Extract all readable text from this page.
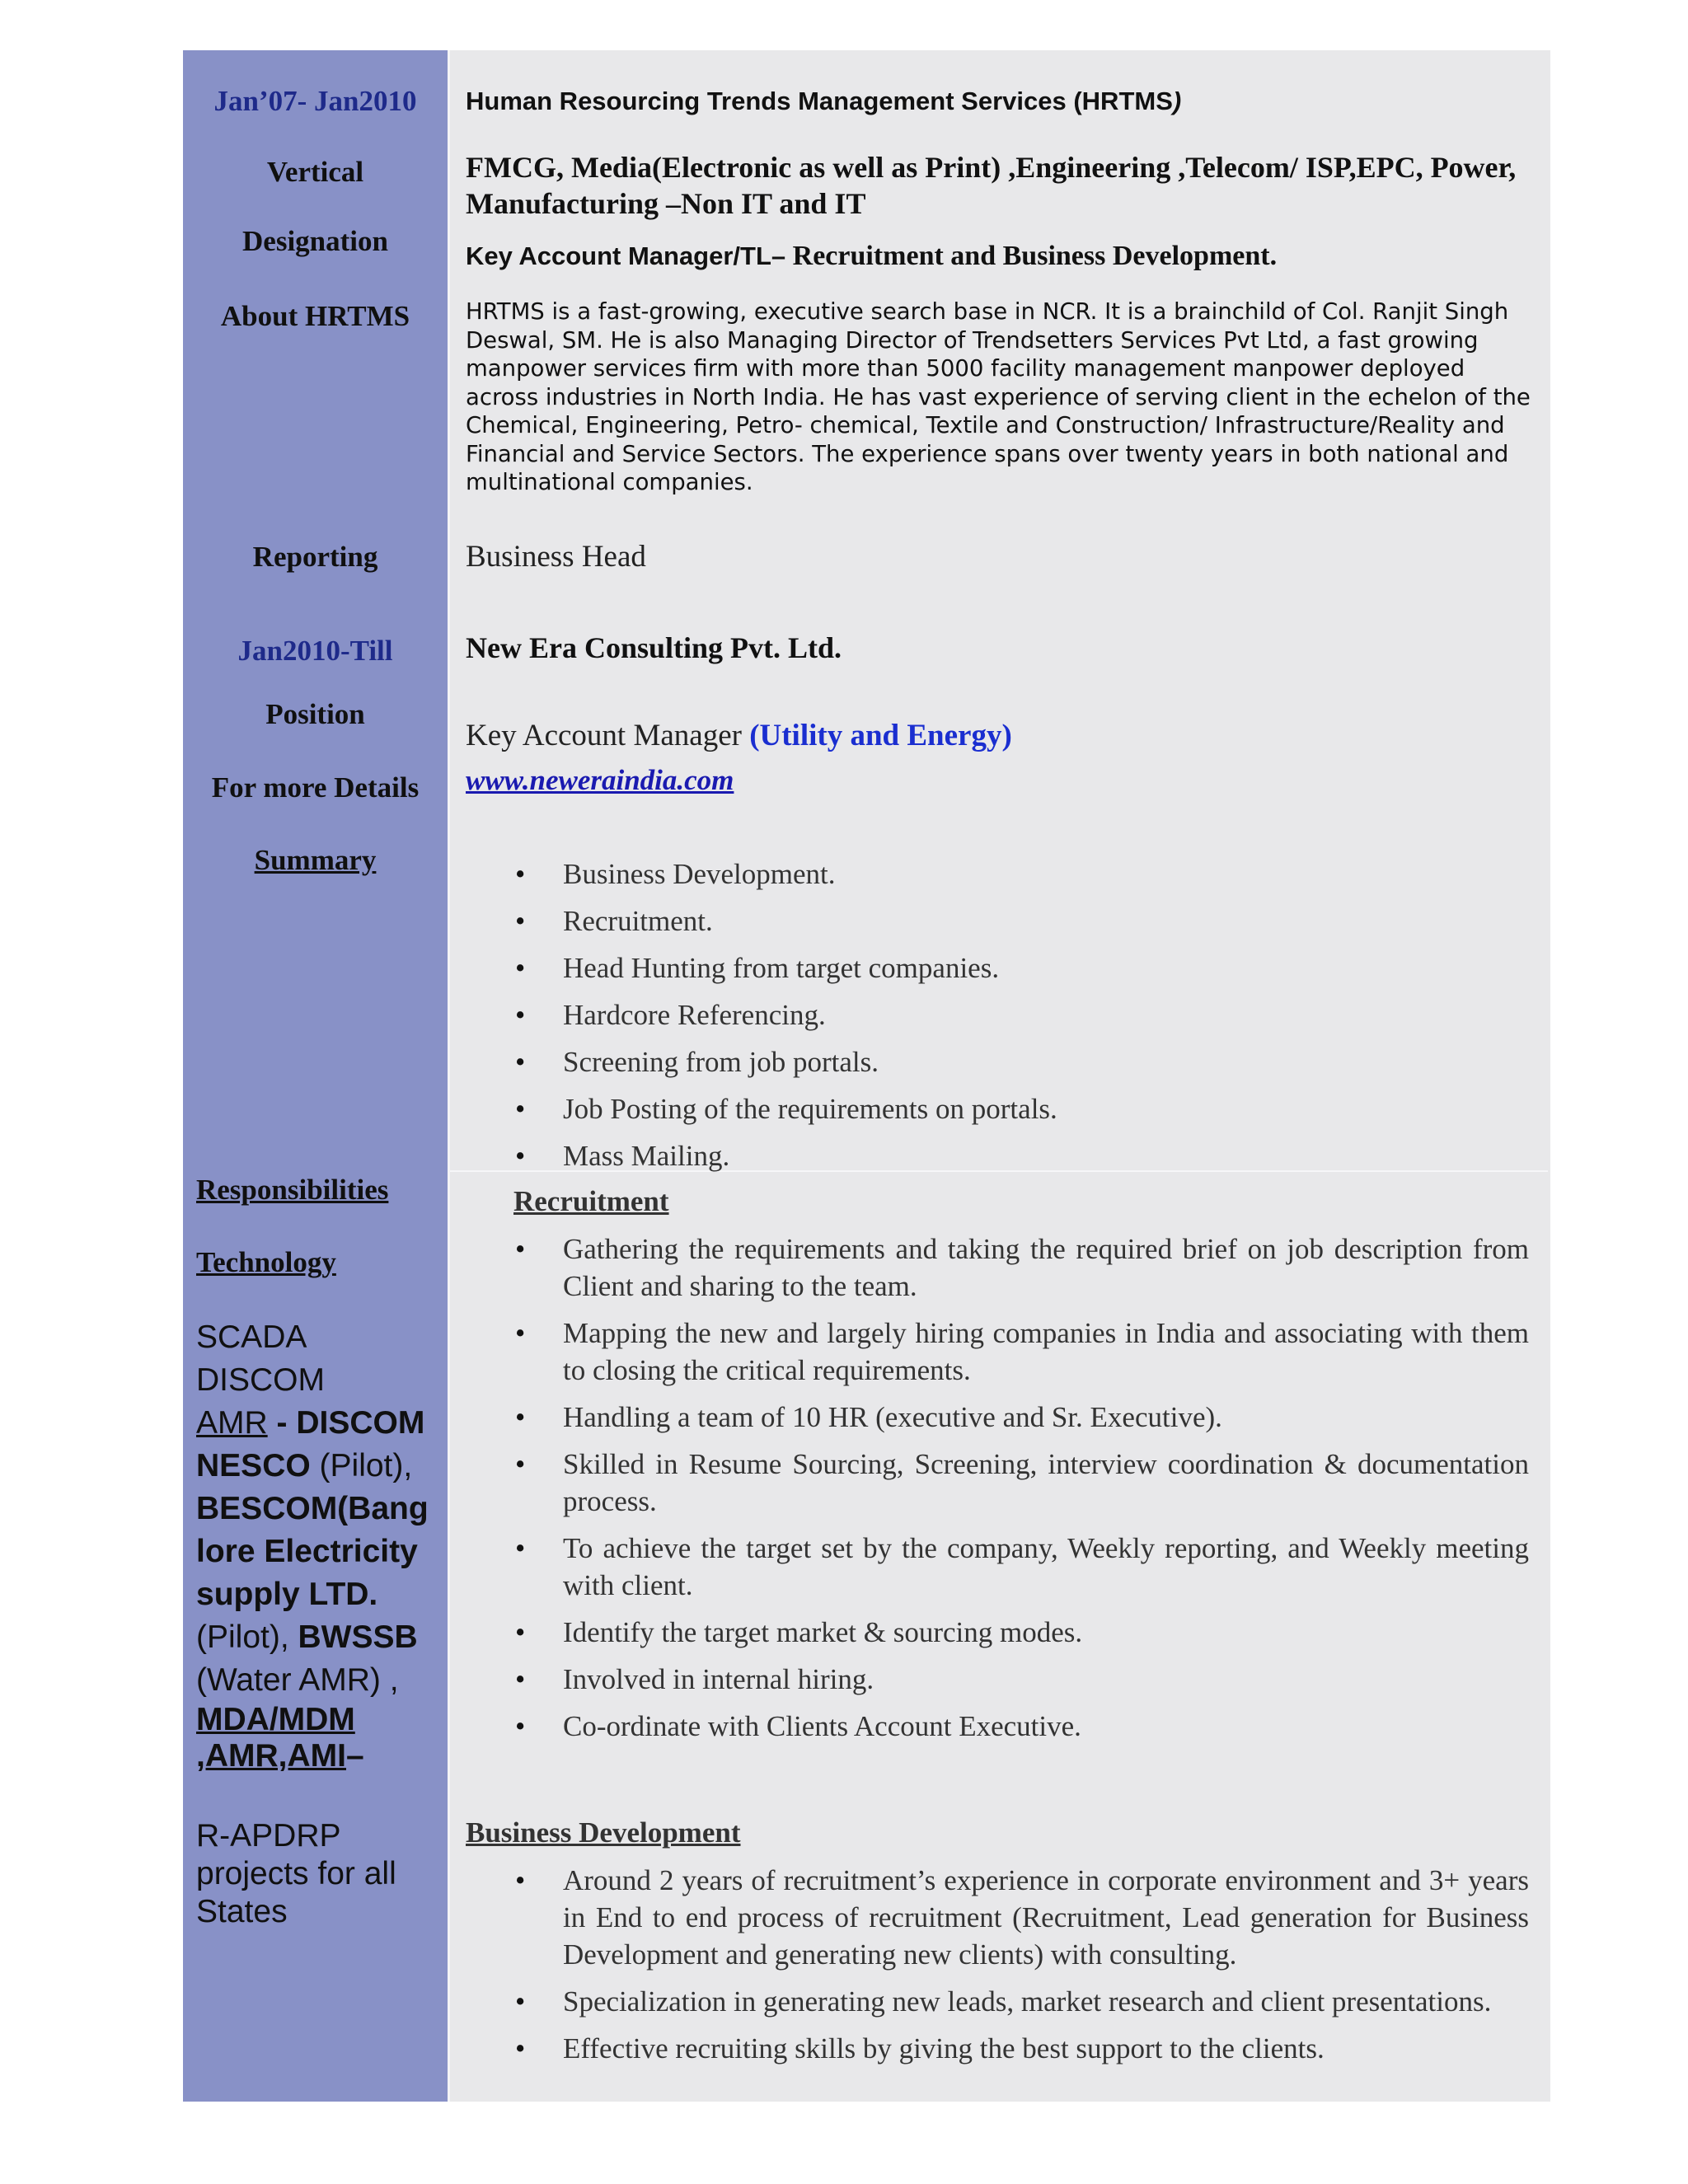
Jan’07- Jan2010
Vertical
Designation
About HRTMS
Reporting
Jan2010-Till
Position
For more Details
Summary
Responsibilities
Technology
SCADA
DISCOM
AMR - DISCOM
NESCO (Pilot),
BESCOM(Bang lore Electricity supply LTD.
(Pilot), BWSSB
(Water AMR) ,
MDA/MDM ,AMR,AMI–
R-APDRP projects for all States
Human Resourcing Trends Management Services (HRTMS)
FMCG, Media(Electronic as well as Print) ,Engineering ,Telecom/ ISP,EPC, Power, Manufacturing –Non IT and IT
Key Account Manager/TL– Recruitment and Business Development.
HRTMS is a fast-growing, executive search base in NCR. It is a brainchild of Col. Ranjit Singh Deswal, SM. He is also Managing Director of Trendsetters Services Pvt Ltd, a fast growing manpower services firm with more than 5000 facility management manpower deployed across industries in North India. He has vast experience of serving client in the echelon of the Chemical, Engineering, Petro- chemical, Textile and Construction/ Infrastructure/Reality and Financial and Service Sectors. The experience spans over twenty years in both national and multinational companies.
Business Head
New Era Consulting Pvt. Ltd.
Key Account Manager (Utility and Energy)
www.neweraindia.com
• Business Development.
• Recruitment.
• Head Hunting from target companies.
• Hardcore Referencing.
• Screening from job portals.
• Job Posting of the requirements on portals.
• Mass Mailing.
Recruitment
• Gathering the requirements and taking the required brief on job description from Client and sharing to the team.
• Mapping the new and largely hiring companies in India and associating with them to closing the critical requirements.
• Handling a team of 10 HR (executive and Sr. Executive).
• Skilled in Resume Sourcing, Screening, interview coordination & documentation process.
• To achieve the target set by the company, Weekly reporting, and Weekly meeting with client.
• Identify the target market & sourcing modes.
• Involved in internal hiring.
• Co-ordinate with Clients Account Executive.
Business Development
• Around 2 years of recruitment’s experience in corporate environment and 3+ years in End to end process of recruitment (Recruitment, Lead generation for Business Development and generating new clients) with consulting.
• Specialization in generating new leads, market research and client presentations.
• Effective recruiting skills by giving the best support to the clients.
